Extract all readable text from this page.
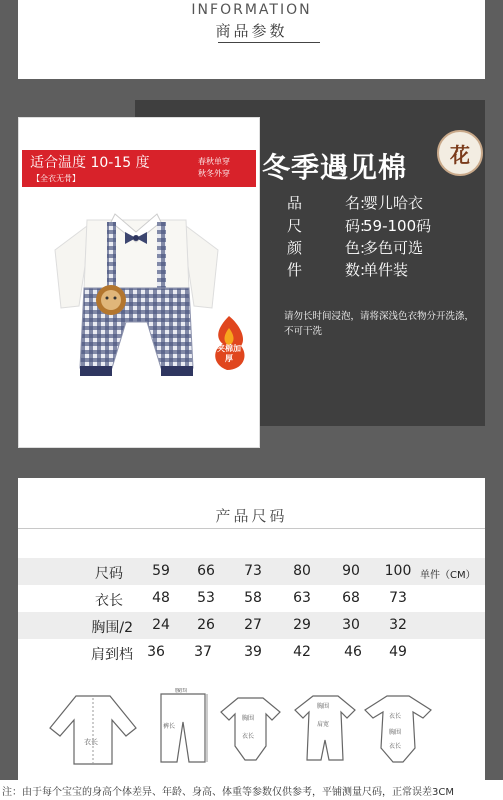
INFORMATION
商品参数
适合温度 10-15 度
【全衣无骨】
春秋单穿
秋冬外穿
夹棉加厚
冬季遇见棉	花
品	名:
婴儿哈衣
尺	码:
59-100码
颜	色:
多色可选
件	数:
单件装
请勿长时间浸泡，请将深浅色衣物分开洗涤，不可干洗
产品尺码
尺码	59	66	73	80	90	100 单件（CM）
衣长	48	53	58	63	68	73
胸围/2	24	26	27	29	30	32
肩到档	36	37	39	42	46	49
衣长
裤长
腰围
胸围
衣长
胸围
肩宽
衣长
胸围
衣长
注：由于每个宝宝的身高个体差异、年龄、身高、体重等参数仅供参考，平铺测量尺码，正常误差3CM
